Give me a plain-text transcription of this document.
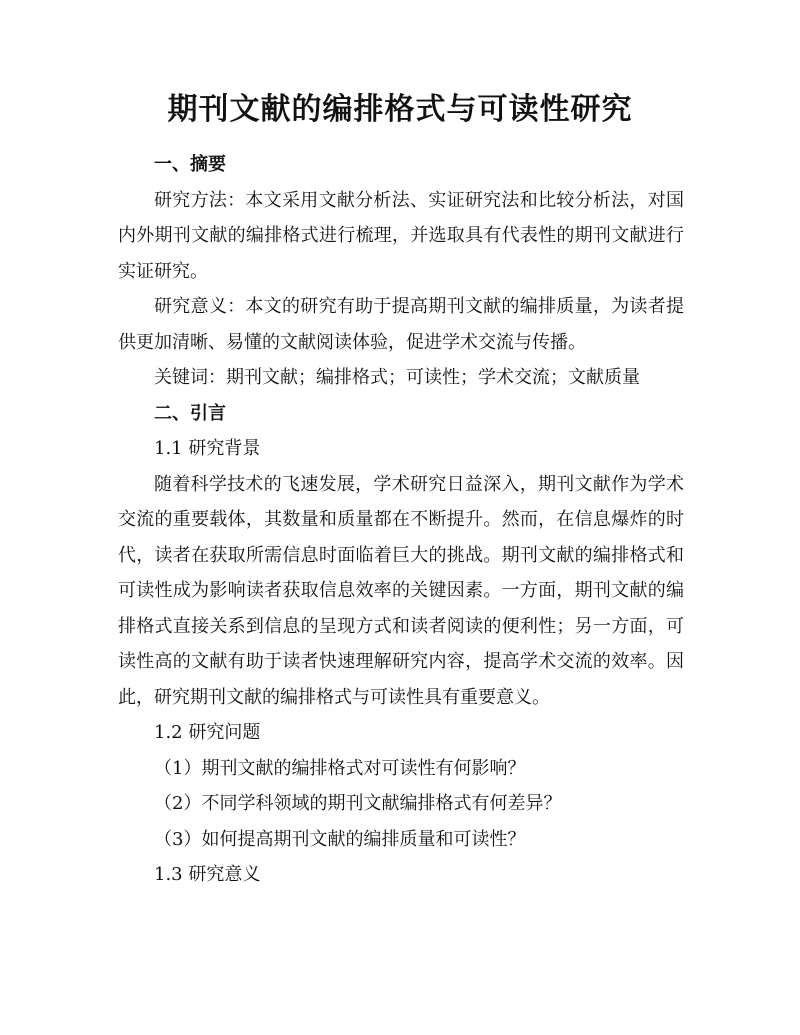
期刊文献的编排格式与可读性研究

一、摘要

研究方法：本文采用文献分析法、实证研究法和比较分析法，对国内外期刊文献的编排格式进行梳理，并选取具有代表性的期刊文献进行实证研究。

研究意义：本文的研究有助于提高期刊文献的编排质量，为读者提供更加清晰、易懂的文献阅读体验，促进学术交流与传播。

关键词：期刊文献；编排格式；可读性；学术交流；文献质量

二、引言

1.1 研究背景

随着科学技术的飞速发展，学术研究日益深入，期刊文献作为学术交流的重要载体，其数量和质量都在不断提升。然而，在信息爆炸的时代，读者在获取所需信息时面临着巨大的挑战。期刊文献的编排格式和可读性成为影响读者获取信息效率的关键因素。一方面，期刊文献的编排格式直接关系到信息的呈现方式和读者阅读的便利性；另一方面，可读性高的文献有助于读者快速理解研究内容，提高学术交流的效率。因此，研究期刊文献的编排格式与可读性具有重要意义。

1.2 研究问题

（1）期刊文献的编排格式对可读性有何影响？

（2）不同学科领域的期刊文献编排格式有何差异？

（3）如何提高期刊文献的编排质量和可读性？

1.3 研究意义
